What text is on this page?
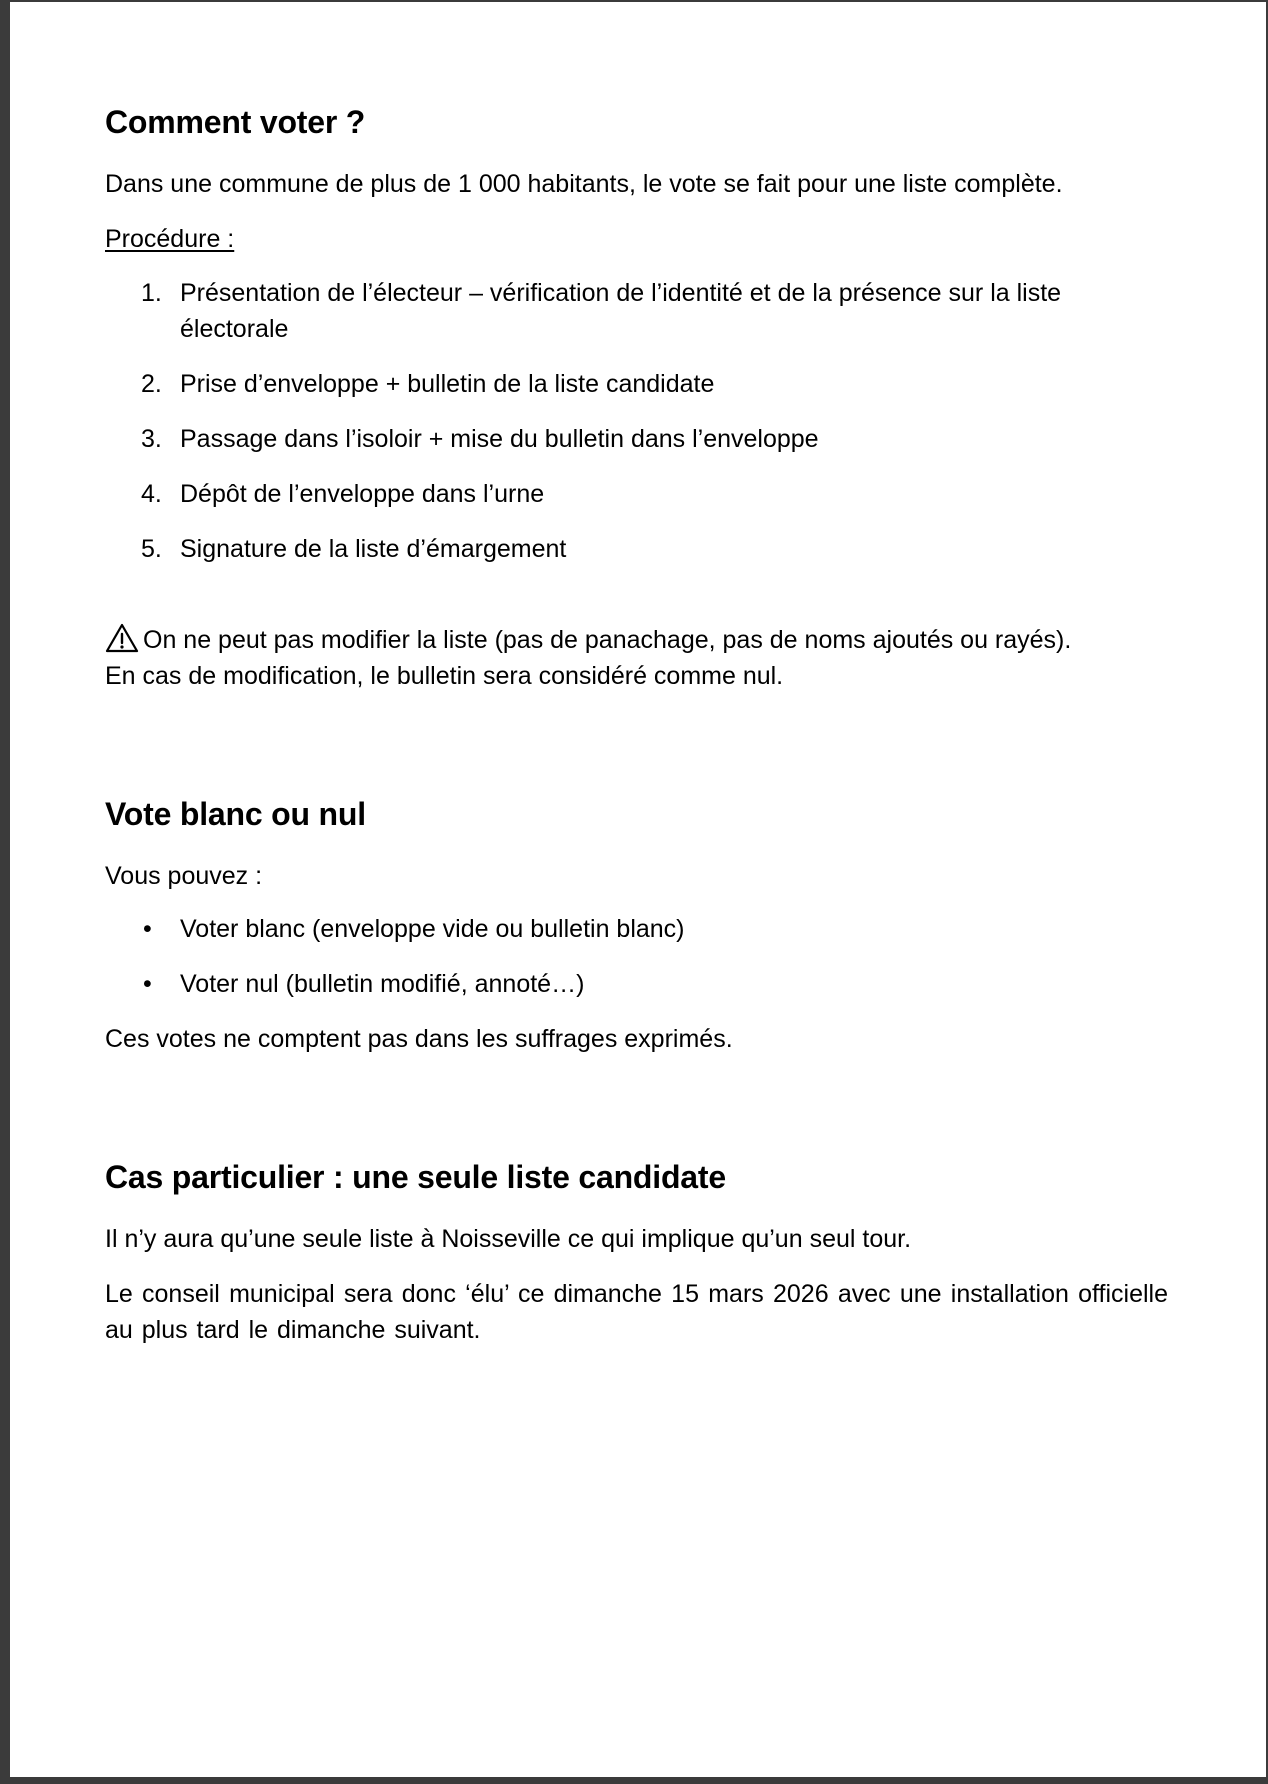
Comment voter ?

Dans une commune de plus de 1 000 habitants, le vote se fait pour une liste complète.

Procédure :

1. Présentation de l’électeur – vérification de l’identité et de la présence sur la liste électorale
2. Prise d’enveloppe + bulletin de la liste candidate
3. Passage dans l’isoloir + mise du bulletin dans l’enveloppe
4. Dépôt de l’enveloppe dans l’urne
5. Signature de la liste d’émargement

On ne peut pas modifier la liste (pas de panachage, pas de noms ajoutés ou rayés).
En cas de modification, le bulletin sera considéré comme nul.

Vote blanc ou nul

Vous pouvez :

• Voter blanc (enveloppe vide ou bulletin blanc)
• Voter nul (bulletin modifié, annoté…)

Ces votes ne comptent pas dans les suffrages exprimés.

Cas particulier : une seule liste candidate

Il n’y aura qu’une seule liste à Noisseville ce qui implique qu’un seul tour.

Le conseil municipal sera donc ‘élu’ ce dimanche 15 mars 2026 avec une installation officielle au plus tard le dimanche suivant.
